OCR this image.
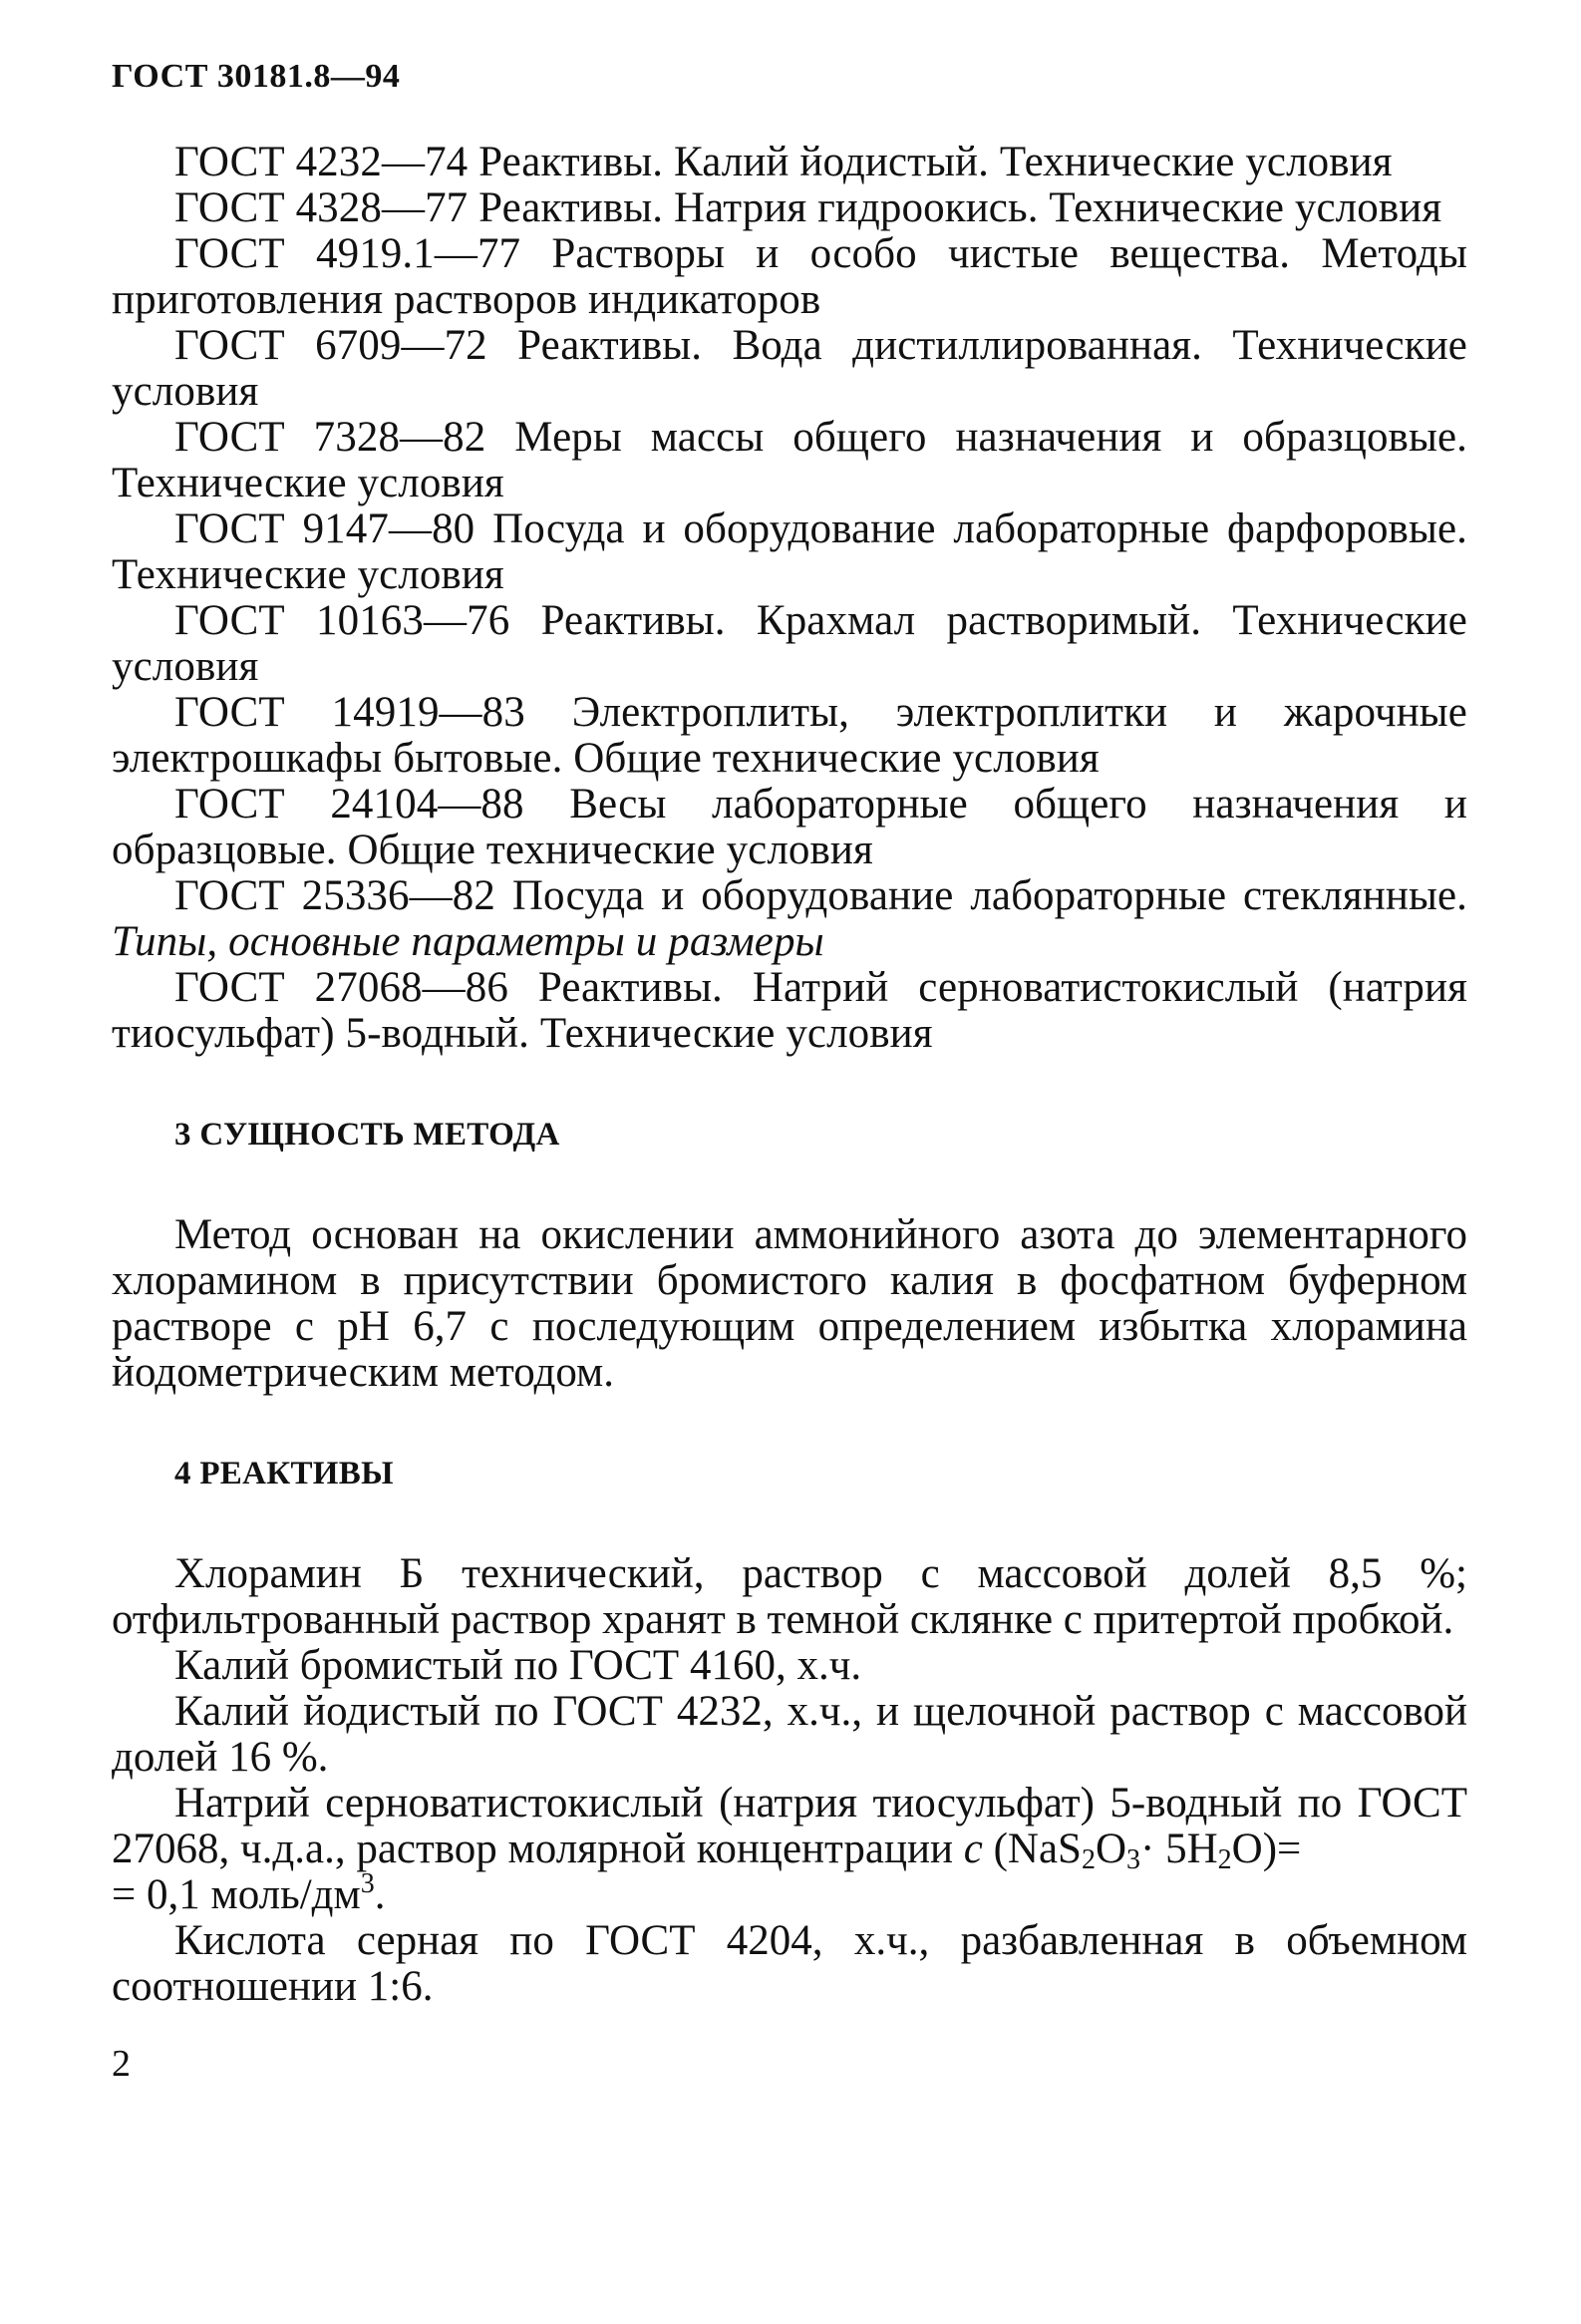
ГОСТ 30181.8—94

ГОСТ 4232—74 Реактивы. Калий йодистый. Технические условия

ГОСТ 4328—77 Реактивы. Натрия гидроокись. Технические условия

ГОСТ 4919.1—77 Растворы и особо чистые вещества. Методы приготовления растворов индикаторов

ГОСТ 6709—72 Реактивы. Вода дистиллированная. Технические условия

ГОСТ 7328—82 Меры массы общего назначения и образцовые. Технические условия

ГОСТ 9147—80 Посуда и оборудование лабораторные фарфоровые. Технические условия

ГОСТ 10163—76 Реактивы. Крахмал растворимый. Технические условия

ГОСТ 14919—83 Электроплиты, электроплитки и жарочные электрошкафы бытовые. Общие технические условия

ГОСТ 24104—88 Весы лабораторные общего назначения и образцовые. Общие технические условия

ГОСТ 25336—82 Посуда и оборудование лабораторные стеклянные. Типы, основные параметры и размеры

ГОСТ 27068—86 Реактивы. Натрий серноватистокислый (натрия тиосульфат) 5-водный. Технические условия

3 СУЩНОСТЬ МЕТОДА

Метод основан на окислении аммонийного азота до элементарного хлорамином в присутствии бромистого калия в фосфатном буферном растворе с pH 6,7 с последующим определением избытка хлорамина йодометрическим методом.

4 РЕАКТИВЫ

Хлорамин Б технический, раствор с массовой долей 8,5 %; отфильтрованный раствор хранят в темной склянке с притертой пробкой.

Калий бромистый по ГОСТ 4160, х.ч.

Калий йодистый по ГОСТ 4232, х.ч., и щелочной раствор с массовой долей 16 %.

Натрий серноватистокислый (натрия тиосульфат) 5-водный по ГОСТ 27068, ч.д.а., раствор молярной концентрации c $(NaS_2O_3\cdot 5H_2O)=$
= 0,1 моль/$дм^3$.

Кислота серная по ГОСТ 4204, х.ч., разбавленная в объемном соотношении 1:6.

2
